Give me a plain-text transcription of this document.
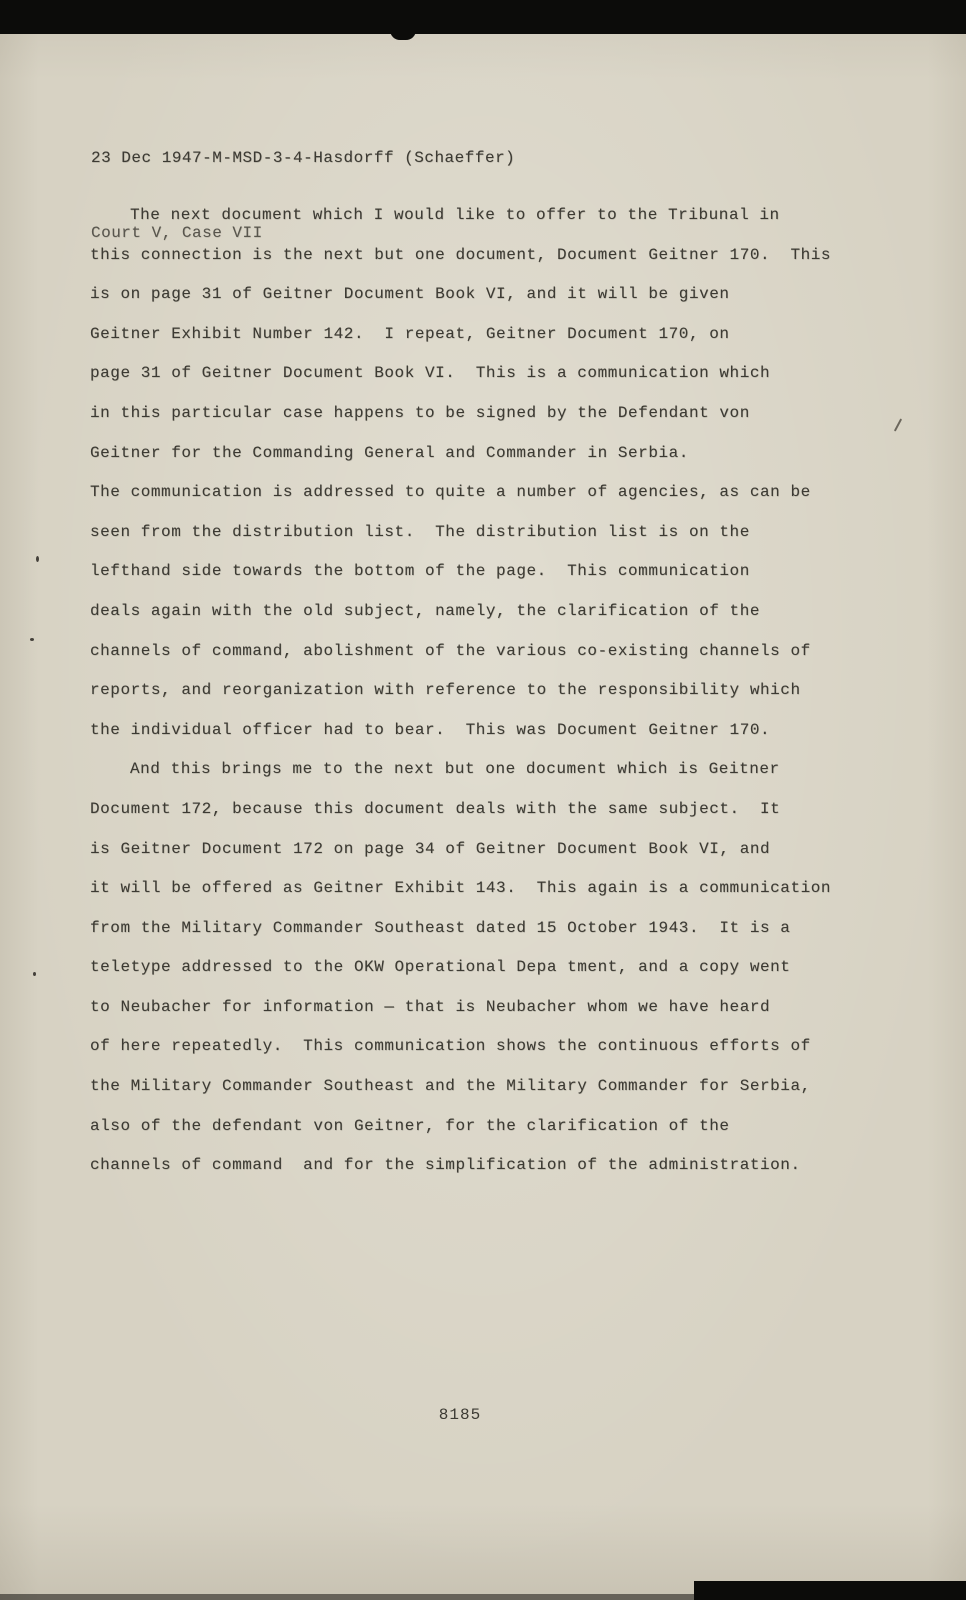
23 Dec 1947-M-MSD-3-4-Hasdorff (Schaeffer)

Court V, Case VII

The next document which I would like to offer to the Tribunal in
this connection is the next but one document, Document Geitner 170.  This
is on page 31 of Geitner Document Book VI, and it will be given
Geitner Exhibit Number 142.  I repeat, Geitner Document 170, on
page 31 of Geitner Document Book VI.  This is a communication which
in this particular case happens to be signed by the Defendant von
Geitner for the Commanding General and Commander in Serbia.
The communication is addressed to quite a number of agencies, as can be
seen from the distribution list.  The distribution list is on the
lefthand side towards the bottom of the page.  This communication
deals again with the old subject, namely, the clarification of the
channels of command, abolishment of the various co-existing channels of
reports, and reorganization with reference to the responsibility which
the individual officer had to bear.  This was Document Geitner 170.
And this brings me to the next but one document which is Geitner
Document 172, because this document deals with the same subject.  It
is Geitner Document 172 on page 34 of Geitner Document Book VI, and
it will be offered as Geitner Exhibit 143.  This again is a communication
from the Military Commander Southeast dated 15 October 1943.  It is a
teletype addressed to the OKW Operational Depa tment, and a copy went
to Neubacher for information — that is Neubacher whom we have heard
of here repeatedly.  This communication shows the continuous efforts of
the Military Commander Southeast and the Military Commander for Serbia,
also of the defendant von Geitner, for the clarification of the
channels of command  and for the simplification of the administration.
8185
